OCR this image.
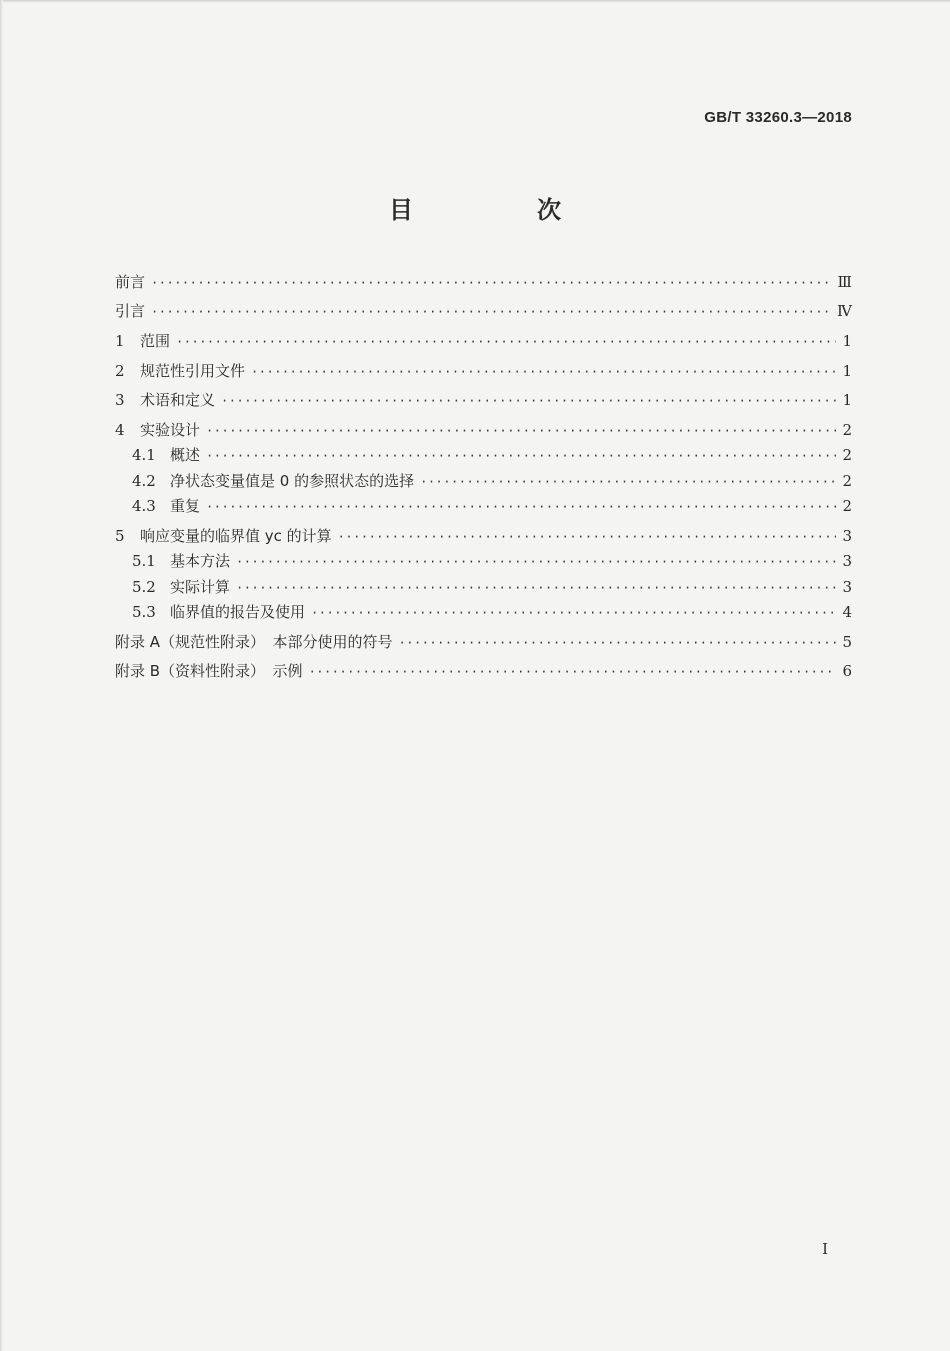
GB/T 33260.3—2018
目　次
前言 ·····	Ⅲ
引言 ·····	Ⅳ
1	范围 ·····	1
2	规范性引用文件 ·····	1
3	术语和定义 ·····	1
4	实验设计 ·····	2
4.1 概述 ·····	2
4.2 净状态变量值是 0 的参照状态的选择 ·····	2
4.3 重复 ·····	2
5	响应变量的临界值 yc 的计算 ·····	3
5.1 基本方法 ·····	3
5.2 实际计算 ·····	3
5.3 临界值的报告及使用 ·····	4
附录 A（规范性附录）　本部分使用的符号 ·····	5
附录 B（资料性附录）　示例 ·····	6
I
